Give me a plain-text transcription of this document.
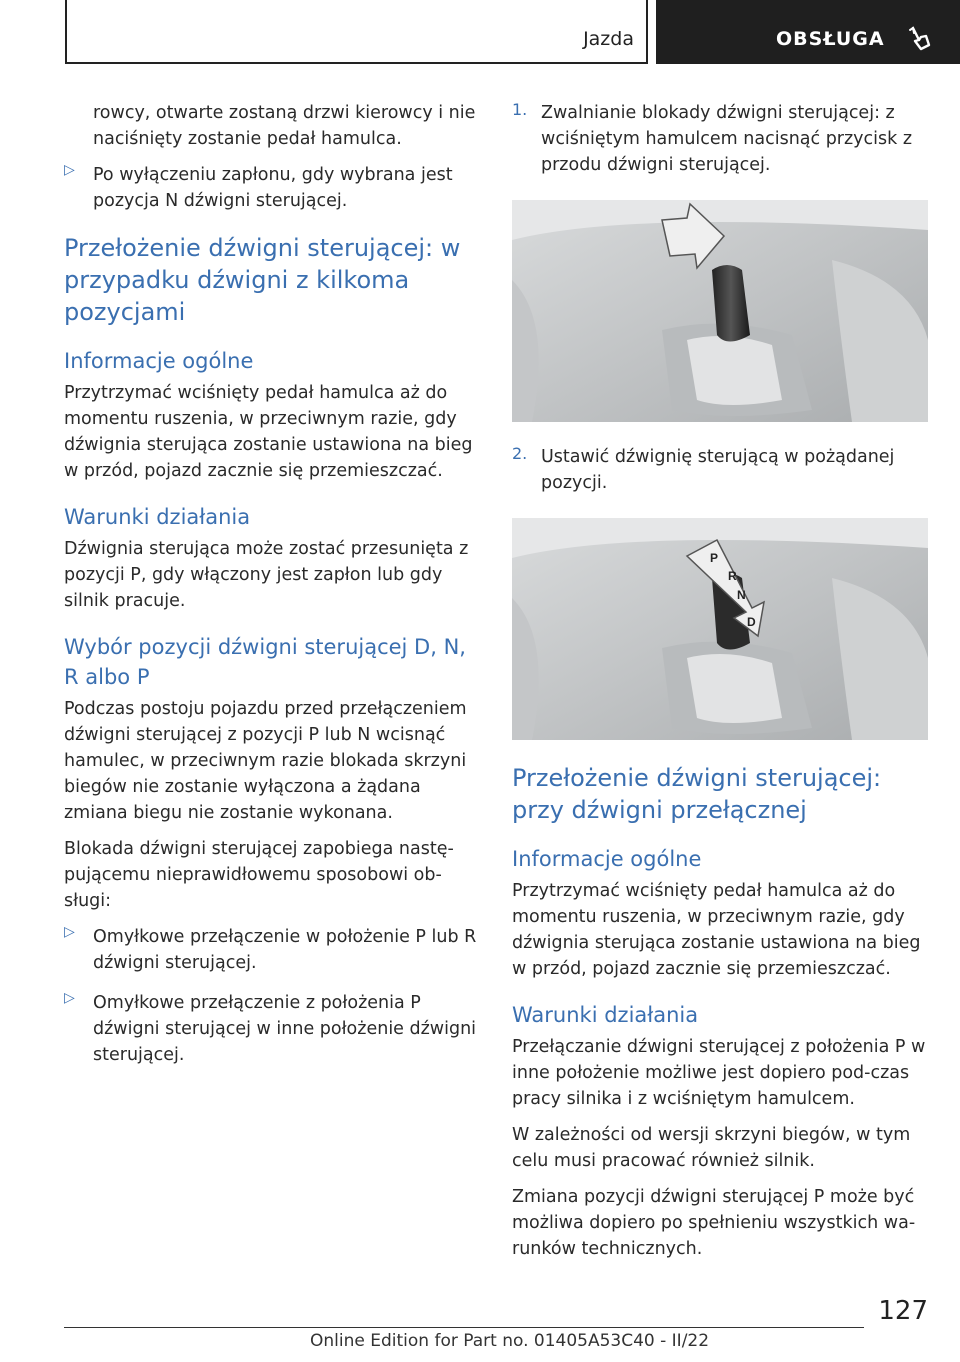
Jazda	OBSŁUGA

rowcy, otwarte zostaną drzwi kierowcy i nie naciśnięty zostanie pedał hamulca.

▷ Po wyłączeniu zapłonu, gdy wybrana jest pozycja N dźwigni sterującej.

Przełożenie dźwigni sterującej: w przypadku dźwigni z kilkoma pozycjami
Informacje ogólne

Przytrzymać wciśnięty pedał hamulca aż do momentu ruszenia, w przeciwnym razie, gdy dźwignia sterująca zostanie ustawiona na bieg w przód, pojazd zacznie się przemieszczać.

Warunki działania

Dźwignia sterująca może zostać przesunięta z pozycji P, gdy włączony jest zapłon lub gdy silnik pracuje.

Wybór pozycji dźwigni sterującej D, N, R albo P

Podczas postoju pojazdu przed przełączeniem dźwigni sterującej z pozycji P lub N wcisnąć hamulec, w przeciwnym razie blokada skrzyni biegów nie zostanie wyłączona a żądana zmiana biegu nie zostanie wykonana.

Blokada dźwigni sterującej zapobiega nastę-pującemu nieprawidłowemu sposobowi ob-sługi:

▷ Omyłkowe przełączenie w położenie P lub R dźwigni sterującej.

▷ Omyłkowe przełączenie z położenia P dźwigni sterującej w inne położenie dźwigni sterującej.

1. Zwalnianie blokady dźwigni sterującej: z wciśniętym hamulcem nacisnąć przycisk z przodu dźwigni sterującej.

2. Ustawić dźwignię sterującą w pożądanej pozycji.

P
R
N
D
Przełożenie dźwigni sterującej: przy dźwigni przełącznej
Informacje ogólne

Przytrzymać wciśnięty pedał hamulca aż do momentu ruszenia, w przeciwnym razie, gdy dźwignia sterująca zostanie ustawiona na bieg w przód, pojazd zacznie się przemieszczać.

Warunki działania

Przełączanie dźwigni sterującej z położenia P w inne położenie możliwe jest dopiero pod-czas pracy silnika i z wciśniętym hamulcem.

W zależności od wersji skrzyni biegów, w tym celu musi pracować również silnik.

Zmiana pozycji dźwigni sterującej P może być możliwa dopiero po spełnieniu wszystkich wa-runków technicznych.

127
Online Edition for Part no. 01405A53C40 - II/22
